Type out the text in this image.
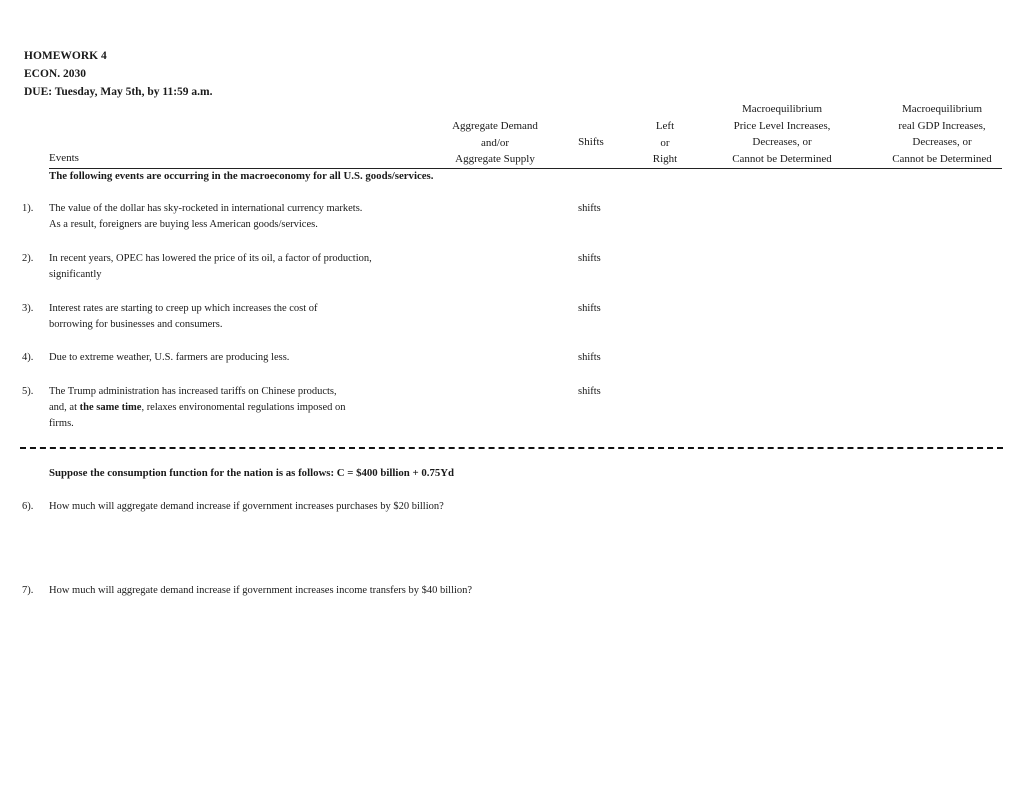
HOMEWORK 4
ECON. 2030
DUE: Tuesday, May 5th, by 11:59 a.m.
Aggregate Demand
and/or
Aggregate Supply
Shifts
Left
or
Right
Macroequilibrium
Price Level Increases,
Decreases, or
Cannot be Determined
Macroequilibrium
real GDP Increases,
Decreases, or
Cannot be Determined
Events
The following events are occurring in the macroeconomy for all U.S. goods/services.
1). The value of the dollar has sky-rocketed in international currency markets.
As a result, foreigners are buying less American goods/services.
shifts
2). In recent years, OPEC has lowered the price of its oil, a factor of production,
significantly
shifts
3). Interest rates are starting to creep up which increases the cost of
borrowing for businesses and consumers.
shifts
4). Due to extreme weather, U.S. farmers are producing less.	shifts
5). The Trump administration has increased tariffs on Chinese products,
and, at the same time, relaxes environomental regulations imposed on
firms.
shifts
Suppose the consumption function for the nation is as follows: C = $400 billion + 0.75Yd
6). How much will aggregate demand increase if government increases purchases by $20 billion?
7). How much will aggregate demand increase if government increases income transfers by $40 billion?
